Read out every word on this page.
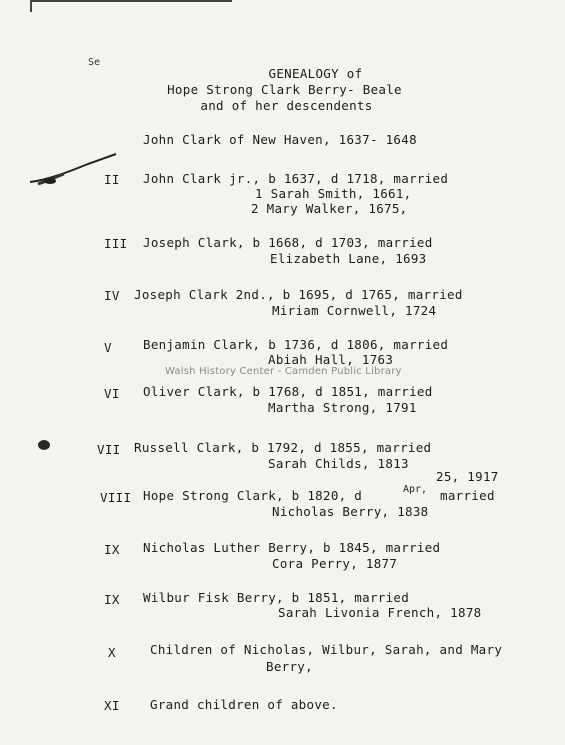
Se
GENEALOGY of
Hope Strong Clark Berry- Beale
and of her descendents
John Clark of New Haven, 1637- 1648
II John Clark jr., b 1637, d 1718, married
1 Sarah Smith, 1661,
2 Mary Walker, 1675,
III Joseph Clark, b 1668, d 1703, married
Elizabeth Lane, 1693
IV Joseph Clark 2nd., b 1695, d 1765, married
Miriam Cornwell, 1724
V Benjamin Clark, b 1736, d 1806, married
Abiah Hall, 1763
Walsh History Center - Camden Public Library
VI Oliver Clark, b 1768, d 1851, married
Martha Strong, 1791
VII Russell Clark, b 1792, d 1855, married
Sarah Childs, 1813
25, 1917
VIII Hope Strong Clark, b 1820, d	Apr, married
Nicholas Berry, 1838
IX Nicholas Luther Berry, b 1845, married
Cora Perry, 1877
IX Wilbur Fisk Berry, b 1851, married
Sarah Livonia French, 1878
X	Children of Nicholas, Wilbur, Sarah, and Mary
Berry,
XI Grand children of above.
